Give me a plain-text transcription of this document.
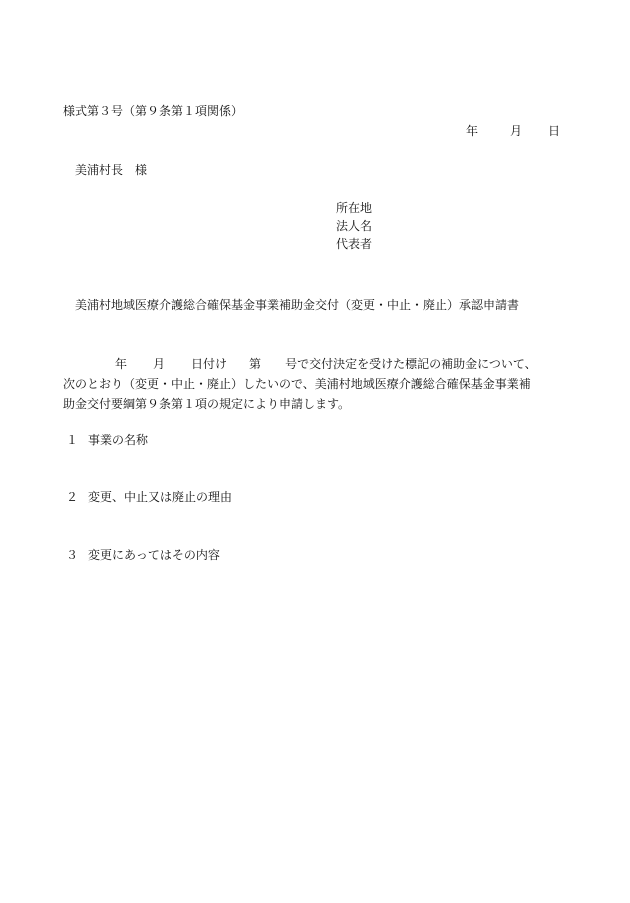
様式第３号（第９条第１項関係）
年	月 日
美浦村長　様
所在地
法人名
代表者
美浦村地域医療介護総合確保基金事業補助金交付（変更・中止・廃止）承認申請書
年 月 日付け 第 号で交付決定を受けた標記の補助金について、
次のとおり（変更・中止・廃止）したいので、美浦村地域医療介護総合確保基金事業補
助金交付要綱第９条第１項の規定により申請します。
１ 事業の名称
２ 変更、中止又は廃止の理由
３ 変更にあってはその内容
